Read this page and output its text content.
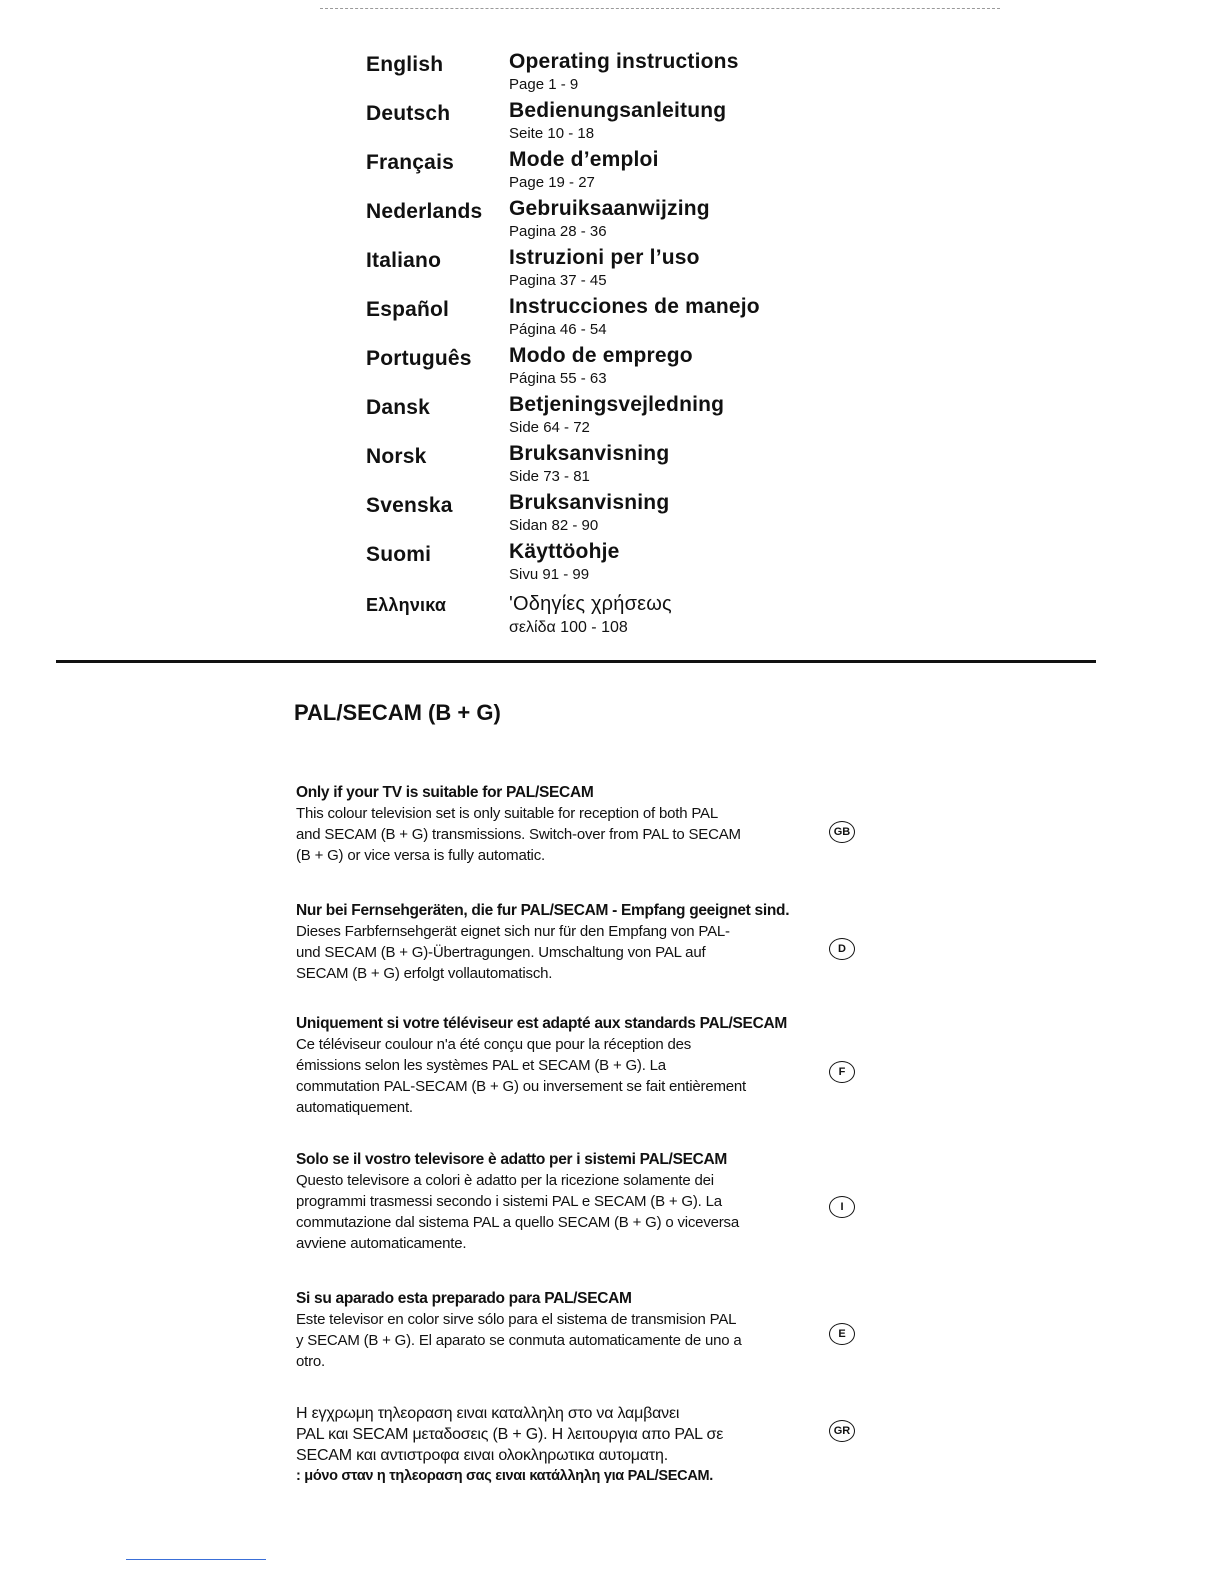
English	Operating instructions
Page 1 - 9
Deutsch	Bedienungsanleitung
Seite 10 - 18
Français	Mode d’emploi
Page 19 - 27
Nederlands Gebruiksaanwijzing
Pagina 28 - 36
Italiano	Istruzioni per l’uso
Pagina 37 - 45
Español	Instrucciones de manejo
Página 46 - 54
Português Modo de emprego
Página 55 - 63
Dansk	Betjeningsvejledning
Side 64 - 72
Norsk	Bruksanvisning
Side 73 - 81
Svenska	Bruksanvisning
Sidan 82 - 90
Suomi	Käyttöohje
Sivu 91 - 99
Ελληνικα	'Οδηγίες χρήσεως
σελίδα 100 - 108
PAL/SECAM (B + G)
Only if your TV is suitable for PAL/SECAM
This colour television set is only suitable for reception of both PAL
and SECAM (B + G) transmissions. Switch-over from PAL to SECAM
(B + G) or vice versa is fully automatic.
GB
Nur bei Fernsehgeräten, die fur PAL/SECAM - Empfang geeignet sind.
Dieses Farbfernsehgerät eignet sich nur für den Empfang von PAL-
und SECAM (B + G)-Übertragungen. Umschaltung von PAL auf
SECAM (B + G) erfolgt vollautomatisch.
D
Uniquement si votre téléviseur est adapté aux standards PAL/SECAM
Ce téléviseur coulour n'a été conçu que pour la réception des
émissions selon les systèmes PAL et SECAM (B + G). La
commutation PAL-SECAM (B + G) ou inversement se fait entièrement
automatiquement.
F
Solo se il vostro televisore è adatto per i sistemi PAL/SECAM
Questo televisore a colori è adatto per la ricezione solamente dei
programmi trasmessi secondo i sistemi PAL e SECAM (B + G). La
commutazione dal sistema PAL a quello SECAM (B + G) o viceversa
avviene automaticamente.
I
Si su aparado esta preparado para PAL/SECAM
Este televisor en color sirve sólo para el sistema de transmision PAL
y SECAM (B + G). El aparato se conmuta automaticamente de uno a
otro.
E
Η εγχρωμη τηλεοραση ειναι καταλληλη στο να λαμβανει
PAL και SECAM μεταδοσεις (B + G). Η λειτουργια απο PAL σε
SECAM και αντιστροφα ειναι ολοκληρωτικα αυτοματη.
: μόνο σταν η τηλεοραση σας ειναι κατάλληλη για PAL/SECAM.
GR
